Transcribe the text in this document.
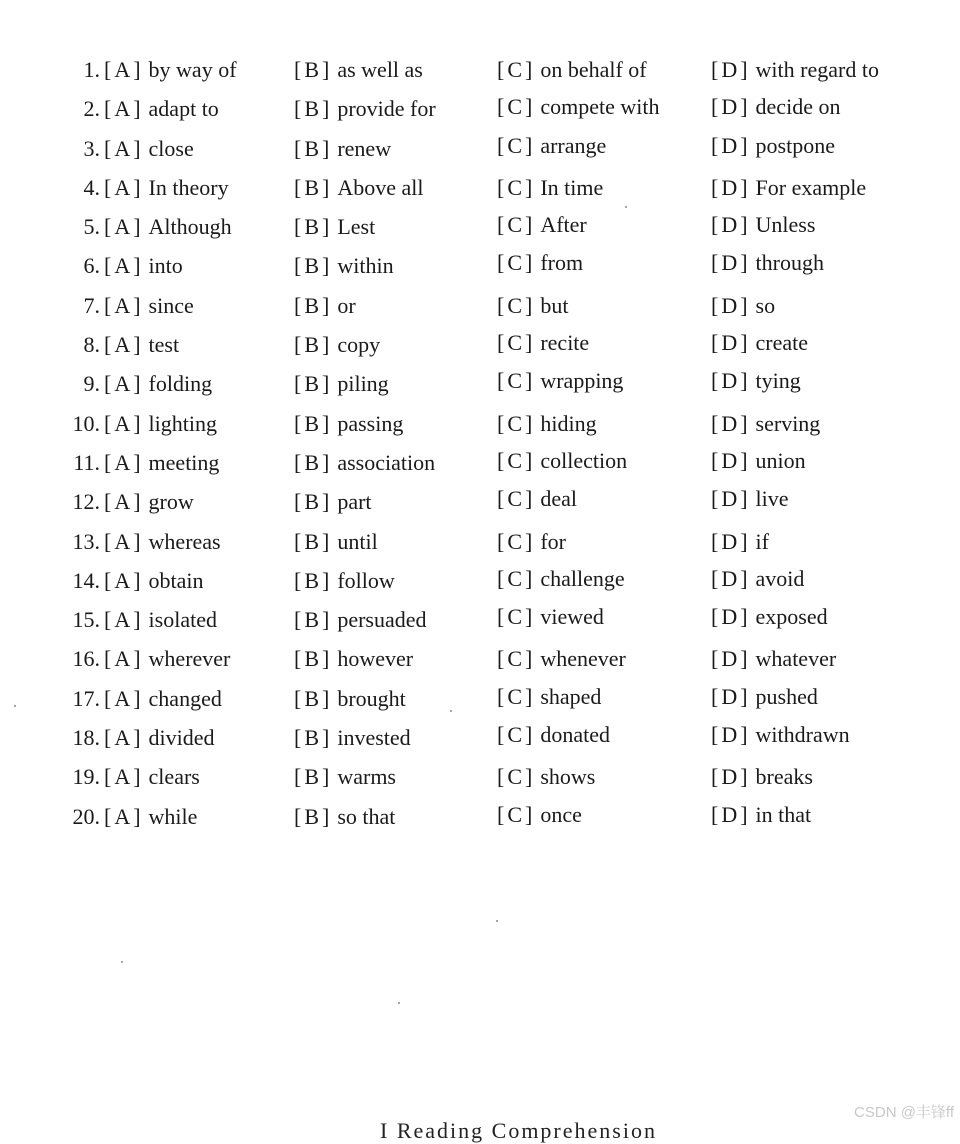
1. [ A ] by way of	[ B ] as well as	[ C ] on behalf of	[ D ] with regard to
2. [ A ] adapt to	[ B ] provide for	[ C ] compete with [ D ] decide on
3. [ A ] close	[ B ] renew	[ C ] arrange	[ D ] postpone
4. [ A ] In theory	[ B ] Above all	[ C ] In time	[ D ] For example
5. [ A ] Although	[ B ] Lest	[ C ] After	[ D ] Unless
6. [ A ] into	[ B ] within	[ C ] from	[ D ] through
7. [ A ] since	[ B ] or	[ C ] but	[ D ] so
8. [ A ] test	[ B ] copy	[ C ] recite	[ D ] create
9. [ A ] folding	[ B ] piling	[ C ] wrapping	[ D ] tying
10. [ A ] lighting	[ B ] passing	[ C ] hiding	[ D ] serving
11. [ A ] meeting	[ B ] association	[ C ] collection	[ D ] union
12. [ A ] grow	[ B ] part	[ C ] deal	[ D ] live
13. [ A ] whereas	[ B ] until	[ C ] for	[ D ] if
14. [ A ] obtain	[ B ] follow	[ C ] challenge	[ D ] avoid
15. [ A ] isolated	[ B ] persuaded	[ C ] viewed	[ D ] exposed
16. [ A ] wherever	[ B ] however	[ C ] whenever	[ D ] whatever
17. [ A ] changed	[ B ] brought	[ C ] shaped	[ D ] pushed
18. [ A ] divided	[ B ] invested	[ C ] donated	[ D ] withdrawn
19. [ A ] clears	[ B ] warms	[ C ] shows	[ D ] breaks
20. [ A ] while	[ B ] so that	[ C ] once	[ D ] in that
I Reading Comprehension
CSDN @丰锋ff
